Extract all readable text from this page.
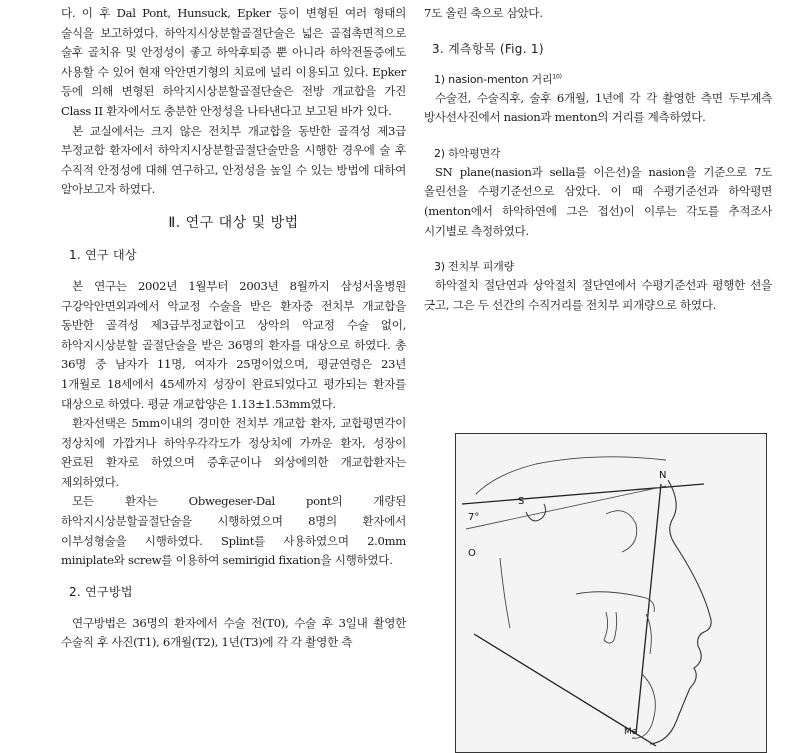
다. 이 후 Dal Pont, Hunsuck, Epker 등이 변형된 여러 형태의 술식을 보고하였다. 하악지시상분할골절단술은 넓은 골접촉면적으로 술후 골치유 및 안정성이 좋고 하악후퇴증 뿐 아니라 하악전돌증에도 사용할 수 있어 현재 악안면기형의 치료에 널리 이용되고 있다. Epker 등에 의해 변형된 하악지시상분할골절단술은 전방 개교합을 가진 Class II 환자에서도 충분한 안정성을 나타낸다고 보고된 바가 있다.

본 교실에서는 크지 않은 전치부 개교합을 동반한 골격성 제3급 부정교합 환자에서 하악지시상분할골절단술만을 시행한 경우에 술 후 수직적 안정성에 대해 연구하고, 안정성을 높일 수 있는 방법에 대하여 알아보고자 하였다.

Ⅱ. 연구 대상 및 방법
1. 연구 대상

본 연구는 2002년 1월부터 2003년 8월까지 삼성서울병원 구강악안면외과에서 악교정 수술을 받은 환자중 전치부 개교합을 동반한 골격성 제3급부정교합이고 상악의 악교정 수술 없이, 하악지시상분할 골절단술을 받은 36명의 환자를 대상으로 하였다. 총 36명 중 남자가 11명, 여자가 25명이었으며, 평균연령은 23년 1개월로 18세에서 45세까지 성장이 완료되었다고 평가되는 환자를 대상으로 하였다. 평균 개교합양은 1.13±1.53mm였다.

환자선택은 5mm이내의 경미한 전치부 개교합 환자, 교합평면각이 정상치에 가깝거나 하악우각각도가 정상치에 가까운 환자, 성장이 완료된 환자로 하였으며 증후군이나 외상에의한 개교합환자는 제외하였다.

모든 환자는 Obwegeser-Dal pont의 개량된 하악지시상분할골절단술을 시행하였으며 8명의 환자에서 이부성형술을 시행하였다. Splint를 사용하였으며 2.0mm miniplate와 screw를 이용하여 semirigid fixation을 시행하였다.

2. 연구방법

연구방법은 36명의 환자에서 수술 전(T0), 수술 후 3일내 촬영한 수술직 후 사진(T1), 6개월(T2), 1년(T3)에 각 각 촬영한 측

7도 올린 축으로 삼았다.

3. 계측항목 (Fig. 1)
1) nasion-menton 거리$^{10)}$

수술전, 수술직후, 술후 6개월, 1년에 각 각 촬영한 측면 두부계측 방사선사진에서 nasion과 menton의 거리를 계측하였다.

2) 하악평면각

SN plane(nasion과 sella를 이은선)을 nasion을 기준으로 7도 올린선을 수평기준선으로 삼았다. 이 때 수평기준선과 하악평면(menton에서 하악하연에 그은 접선)이 이루는 각도를 추적조사 시기별로 측정하였다.

3) 전치부 피개량

하악절치 절단연과 상악절치 절단연에서 수평기준선과 평행한 선을 긋고, 그은 두 선간의 수직거리를 전치부 피개량으로 하였다.

N
S
7°
O
Me
